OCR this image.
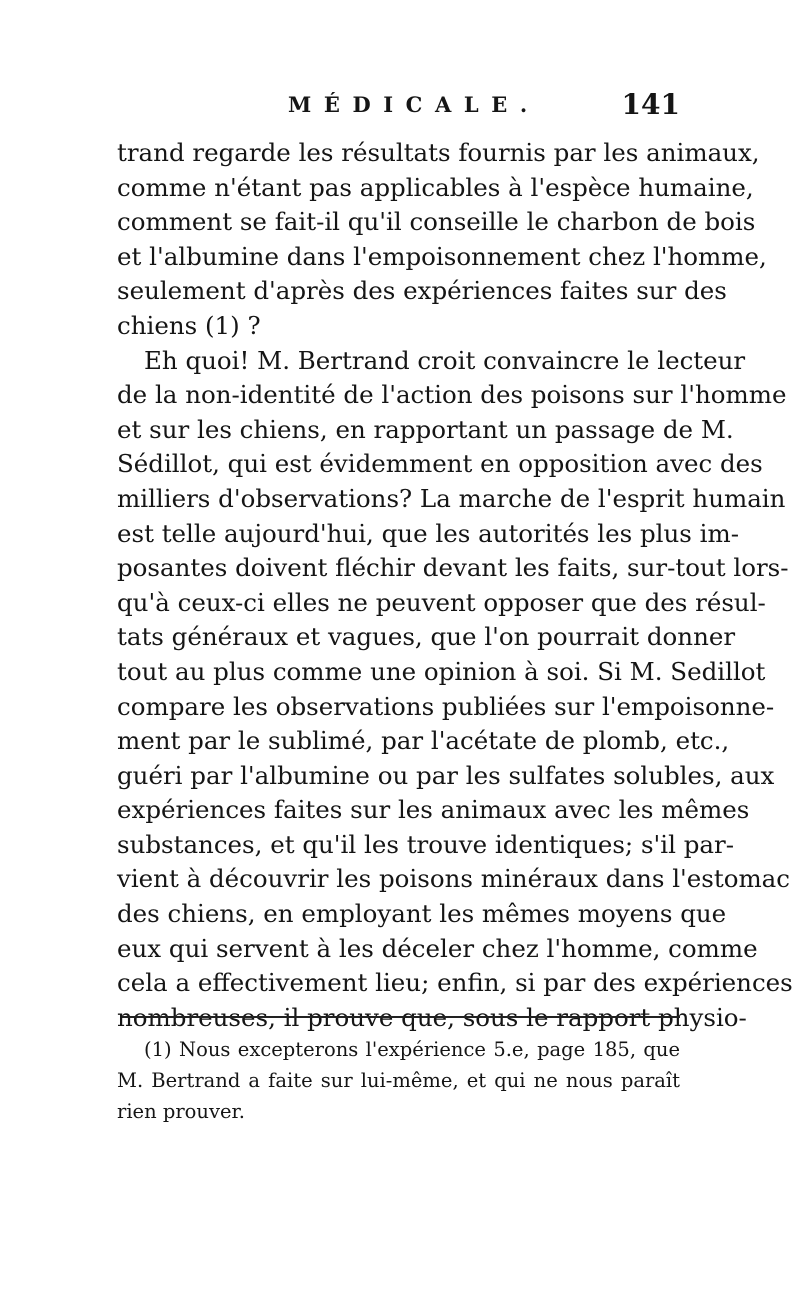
MÉDICALE.	141
trand regarde les résultats fournis par les animaux,
comme n'étant pas applicables à l'espèce humaine,
comment se fait-il qu'il conseille le charbon de bois
et l'albumine dans l'empoisonnement chez l'homme,
seulement d'après des expériences faites sur des
chiens (1) ?
Eh quoi! M. Bertrand croit convaincre le lecteur
de la non-identité de l'action des poisons sur l'homme
et sur les chiens, en rapportant un passage de M.
Sédillot, qui est évidemment en opposition avec des
milliers d'observations? La marche de l'esprit humain
est telle aujourd'hui, que les autorités les plus im-
posantes doivent fléchir devant les faits, sur-tout lors-
qu'à ceux-ci elles ne peuvent opposer que des résul-
tats généraux et vagues, que l'on pourrait donner
tout au plus comme une opinion à soi. Si M. Sedillot
compare les observations publiées sur l'empoisonne-
ment par le sublimé, par l'acétate de plomb, etc.,
guéri par l'albumine ou par les sulfates solubles, aux
expériences faites sur les animaux avec les mêmes
substances, et qu'il les trouve identiques; s'il par-
vient à découvrir les poisons minéraux dans l'estomac
des chiens, en employant les mêmes moyens que
eux qui servent à les déceler chez l'homme, comme
cela a effectivement lieu; enfin, si par des expériences
nombreuses, il prouve que, sous le rapport physio-
(1) Nous excepterons l'expérience 5.e, page 185, que
M. Bertrand a faite sur lui-même, et qui ne nous paraît
rien prouver.
